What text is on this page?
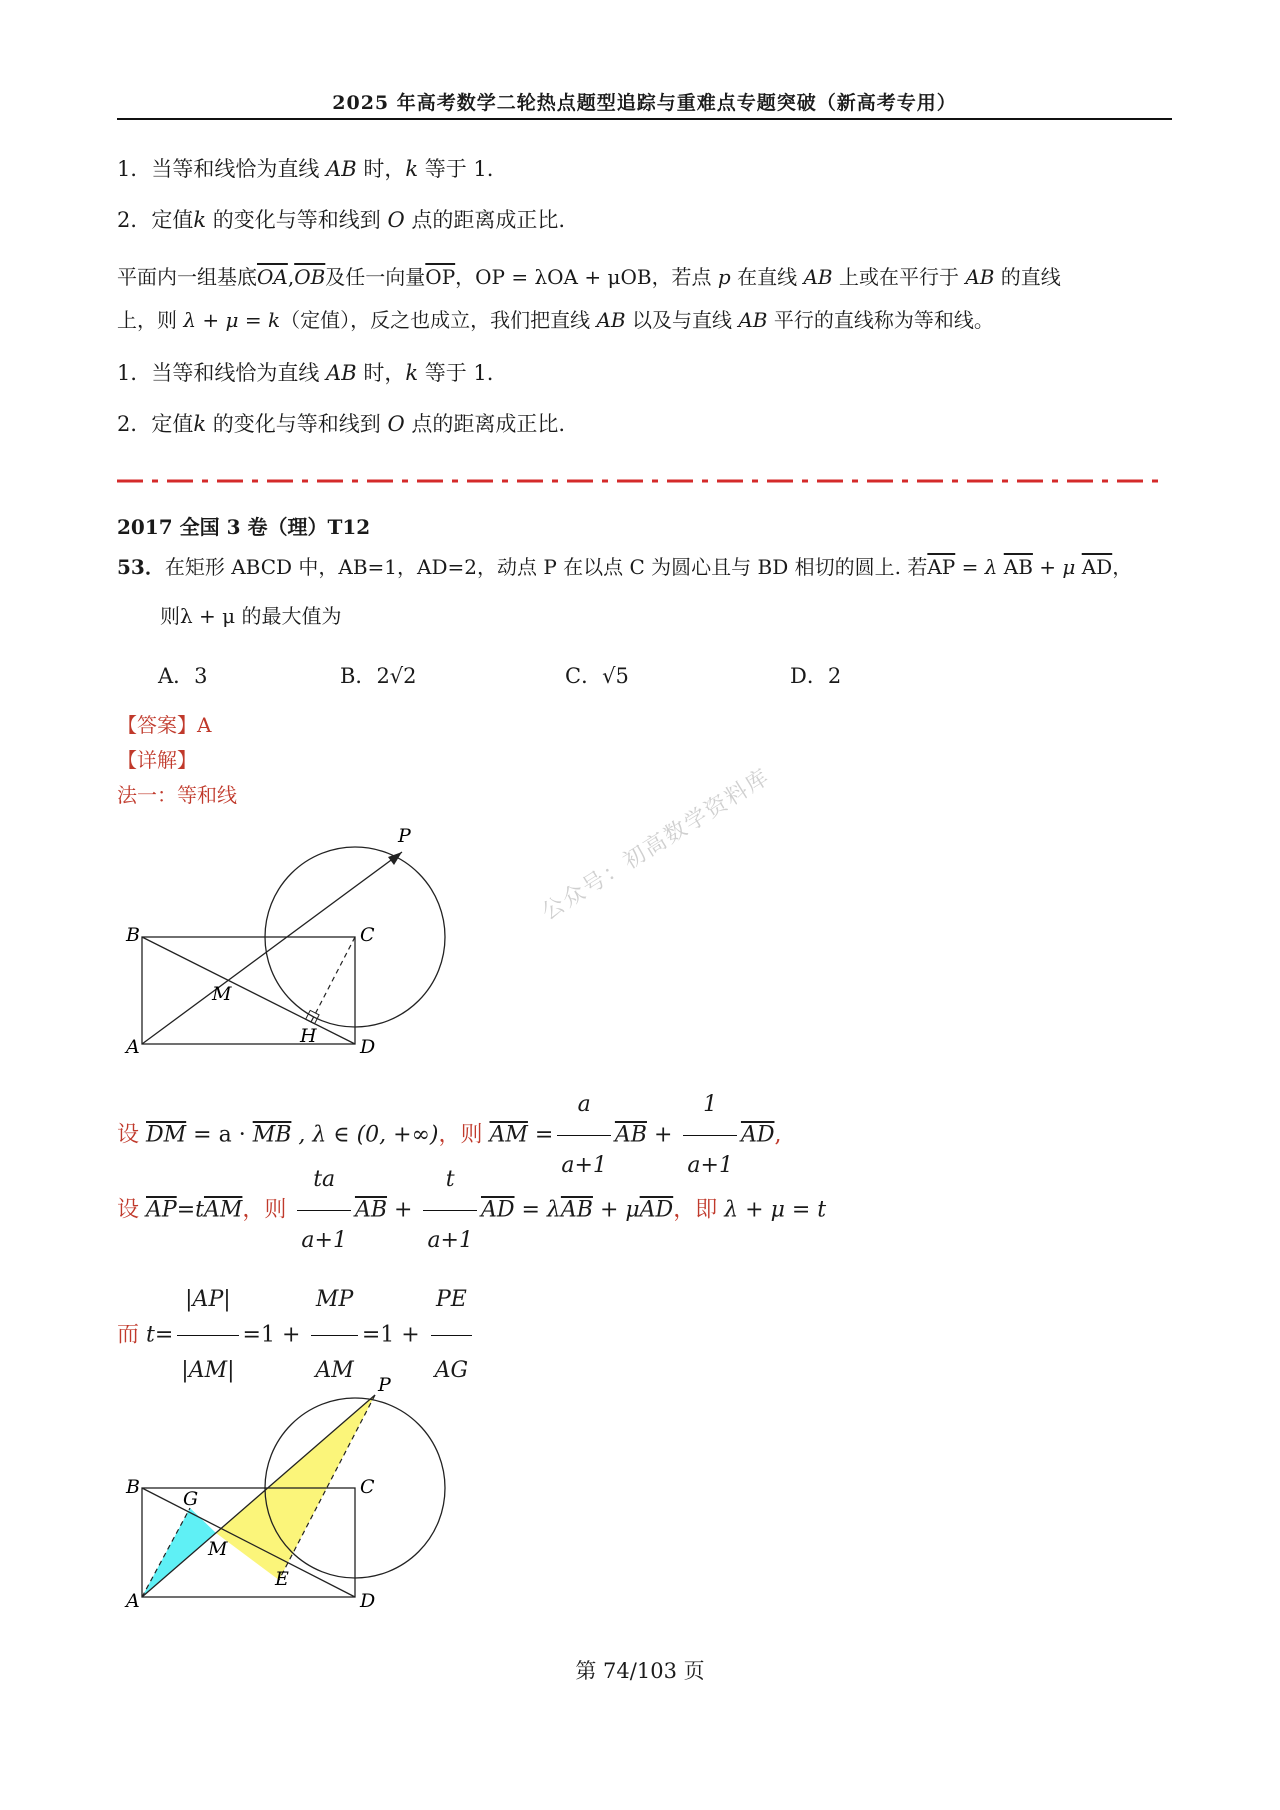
2025 年高考数学二轮热点题型追踪与重难点专题突破（新高考专用）
1．当等和线恰为直线 AB 时，k 等于 1.
2．定值k 的变化与等和线到 O 点的距离成正比.
平面内一组基底$\overline{OA},\overline{OB}$及任一向量$\overline{OP}$，OP = λOA + μOB，若点 p 在直线 AB 上或在平行于 AB 的直线
上，则 λ + μ = k（定值），反之也成立，我们把直线 AB 以及与直线 AB 平行的直线称为等和线。
1．当等和线恰为直线 AB 时，k 等于 1.
2．定值k 的变化与等和线到 O 点的距离成正比.
2017 全国 3 卷（理）T12
53．在矩形 ABCD 中，AB=1，AD=2，动点 P 在以点 C 为圆心且与 BD 相切的圆上. 若$\overline{AP} = \lambda$ $\overline{AB} + \mu$ $\overline{AD}$，
则λ + μ 的最大值为
A．3	B．2√2	C．√5	D．2
【答案】A
【详解】
法一：等和线
P
B	C
M
H
A	D
公众号：初高数学资料库
设 $\overline{DM} = a \cdot \overline{MB}$ , λ ∈ (0, +∞)，则 $\overline{AM} = \frac{a}{a+1} \overline{AB} + \frac{1}{a+1} \overline{AD}$,
设 $\overline{AP}=t\overline{AM}$，则 $\frac{ta}{a+1} \overline{AB} + \frac{t}{a+1} \overline{AD} = \lambda\overline{AB} + \mu\overline{AD}$，即 λ + μ = t
而 $t= \frac{|AP|}{|AM|} =1 + \frac{MP}{AM} =1 + \frac{PE}{AG}$
P
B	C
G
M
E
A	D
第 74/103 页
